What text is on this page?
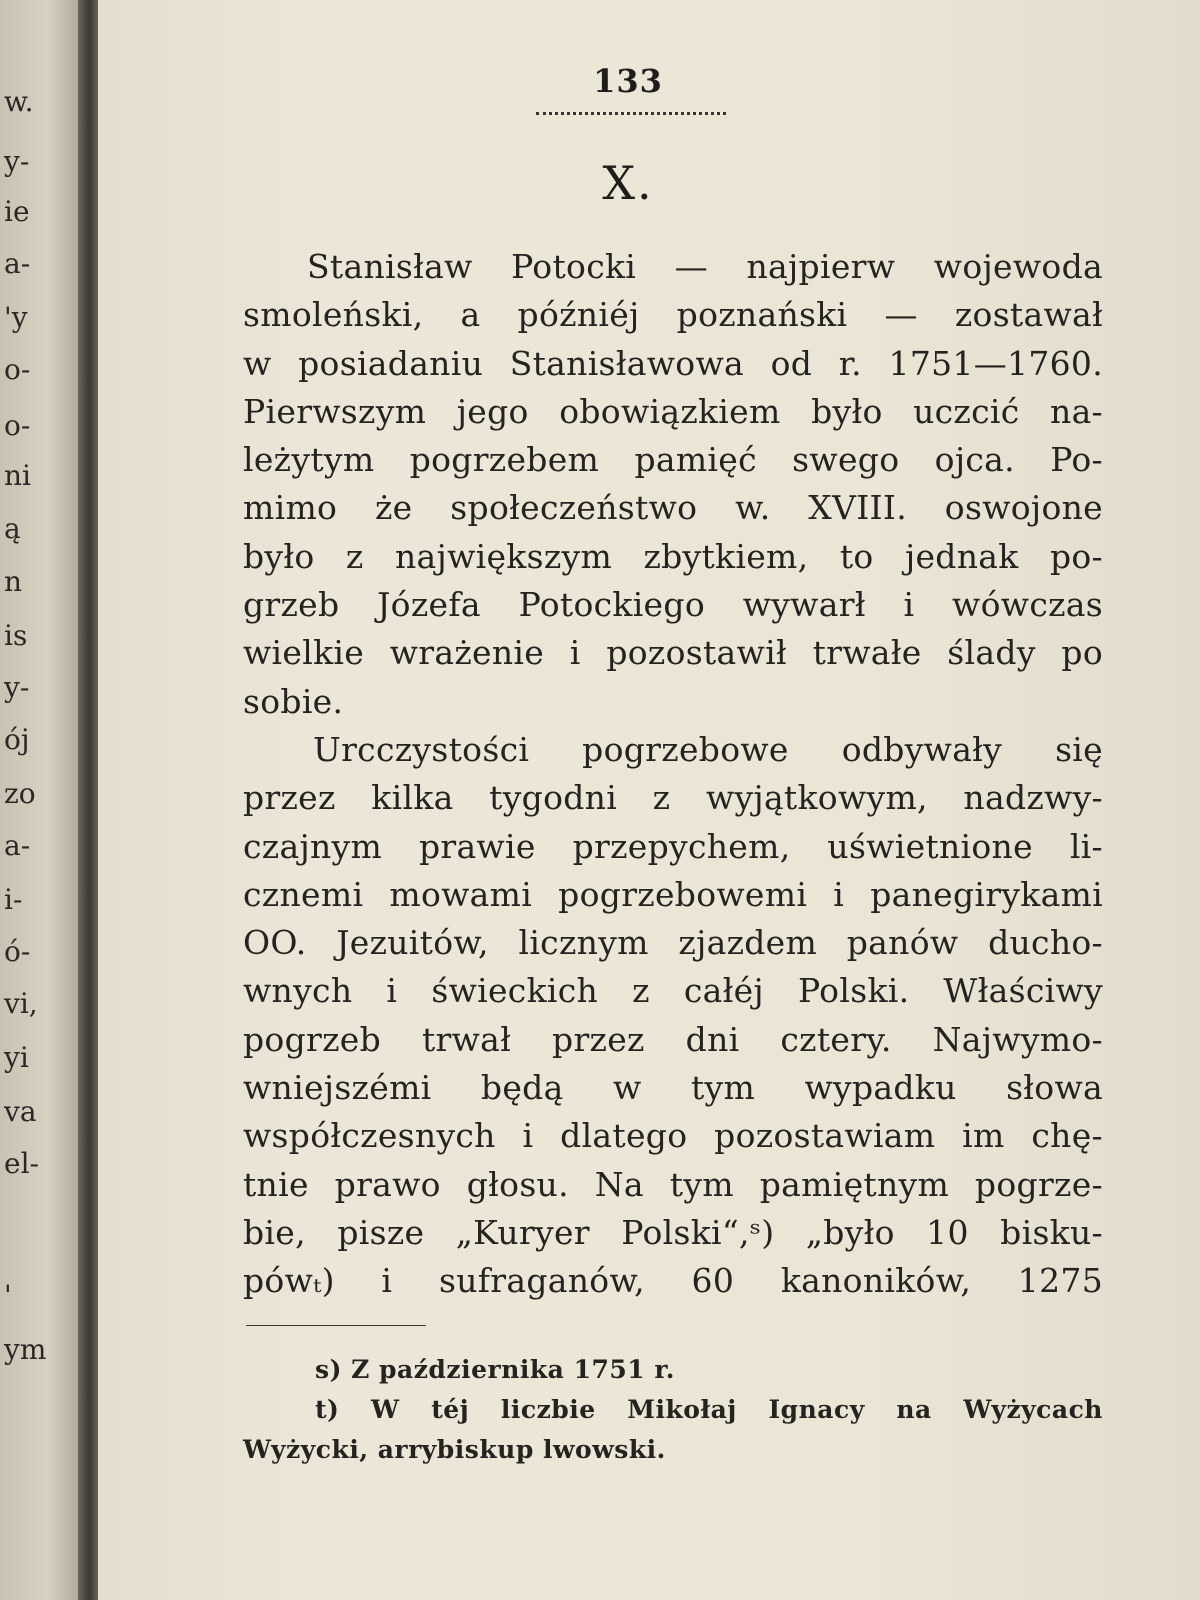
w.
y-
ie
a-
'y
o-
o-
ni
ą
n
is
y-
ój
zo
a-
i-
ó-
vi,
yi
va
el-
'
ym
133
X.
Stanisław Potocki — najpierw wojewoda
smoleński, a późniéj poznański — zostawał
w posiadaniu Stanisławowa od r. 1751—1760.
Pierwszym jego obowiązkiem było uczcić na-
leżytym pogrzebem pamięć swego ojca. Po-
mimo że społeczeństwo w. XVIII. oswojone
było z największym zbytkiem, to jednak po-
grzeb Józefa Potockiego wywarł i wówczas
wielkie wrażenie i pozostawił trwałe ślady po
sobie.
Urcczystości pogrzebowe odbywały się
przez kilka tygodni z wyjątkowym, nadzwy-
czajnym prawie przepychem, uświetnione li-
cznemi mowami pogrzebowemi i panegirykami
OO. Jezuitów, licznym zjazdem panów ducho-
wnych i świeckich z całéj Polski. Właściwy
pogrzeb trwał przez dni cztery. Najwymo-
wniejszémi będą w tym wypadku słowa
współczesnych i dlatego pozostawiam im chę-
tnie prawo głosu. Na tym pamiętnym pogrze-
bie, pisze „Kuryer Polski“,ˢ) „było 10 bisku-
pówₜ) i sufraganów, 60 kanoników, 1275
s) Z października 1751 r.
t) W téj liczbie Mikołaj Ignacy na Wyżycach
Wyżycki, arrybiskup lwowski.
